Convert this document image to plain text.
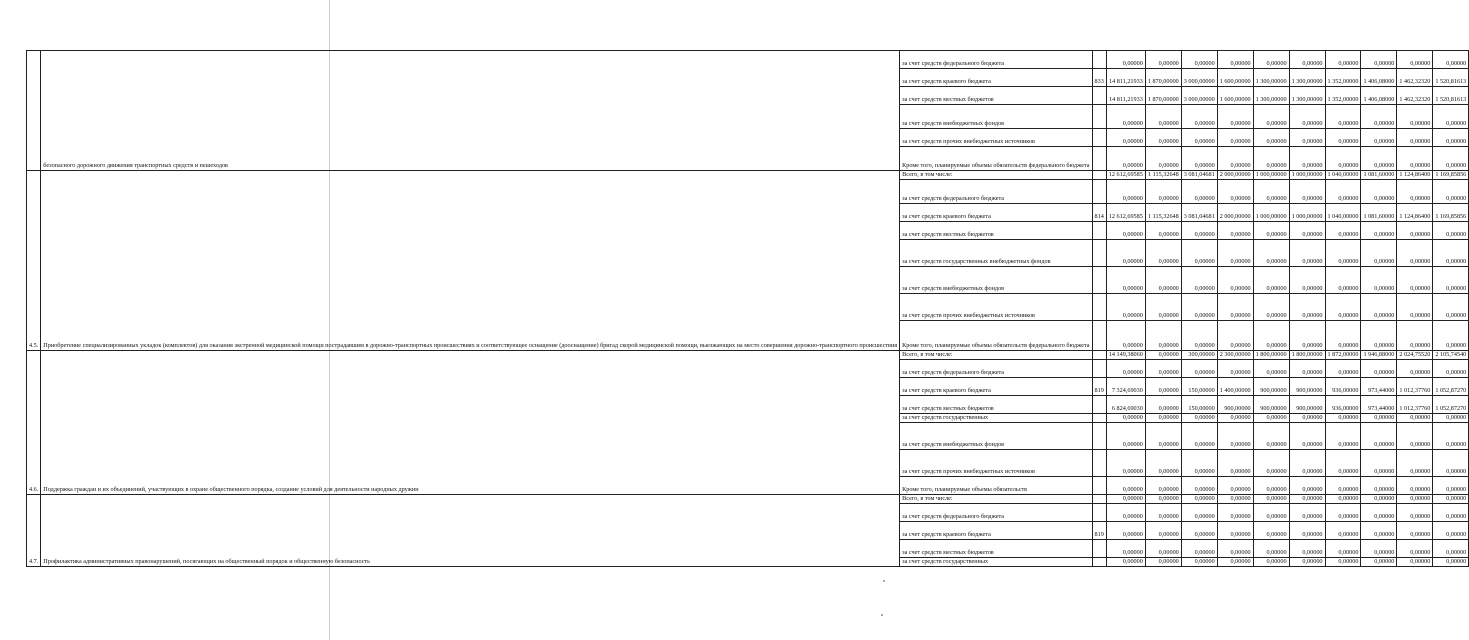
	безопасного дорожного движения транспортных средств и пешеходов	за счет средств федерального бюджета		0,00000	0,00000	0,00000	0,00000	0,00000	0,00000	0,00000	0,00000	0,00000	0,00000
		за счет средств краевого бюджета	833	14 811,21933	1 870,00000	3 000,00000	1 600,00000	1 300,00000	1 300,00000	1 352,00000	1 406,08000	1 462,32320	1 520,81613
		за счет средств местных бюджетов		14 811,21933	1 870,00000	3 000,00000	1 600,00000	1 300,00000	1 300,00000	1 352,00000	1 406,08000	1 462,32320	1 520,81613
		за счет средств внебюджетных фондов		0,00000	0,00000	0,00000	0,00000	0,00000	0,00000	0,00000	0,00000	0,00000	0,00000
		за счет средств прочих внебюджетных источников		0,00000	0,00000	0,00000	0,00000	0,00000	0,00000	0,00000	0,00000	0,00000	0,00000
		Кроме того, планируемые объемы обязательств федерального бюджета		0,00000	0,00000	0,00000	0,00000	0,00000	0,00000	0,00000	0,00000	0,00000	0,00000
4.5.	Приобретение специализированных укладок (комплектов) для оказания экстренной медицинской помощи пострадавшим в дорожно-транспортных происшествиях и соответствующее оснащение (дооснащение) бригад скорой медицинской помощи, выезжающих на место совершения дорожно-транспортного происшествия	Всего, в том числе:		12 612,69585	1 115,32648	3 081,04681	2 000,00000	1 000,00000	1 000,00000	1 040,00000	1 081,60000	1 124,86400	1 169,85856
		за счет средств федерального бюджета		0,00000	0,00000	0,00000	0,00000	0,00000	0,00000	0,00000	0,00000	0,00000	0,00000
		за счет средств краевого бюджета	814	12 612,69585	1 115,32648	3 081,04681	2 000,00000	1 000,00000	1 000,00000	1 040,00000	1 081,60000	1 124,86400	1 169,85856
		за счет средств местных бюджетов		0,00000	0,00000	0,00000	0,00000	0,00000	0,00000	0,00000	0,00000	0,00000	0,00000
		за счет средств государственных внебюджетных фондов		0,00000	0,00000	0,00000	0,00000	0,00000	0,00000	0,00000	0,00000	0,00000	0,00000
		за счет средств внебюджетных фондов		0,00000	0,00000	0,00000	0,00000	0,00000	0,00000	0,00000	0,00000	0,00000	0,00000
		за счет средств прочих внебюджетных источников		0,00000	0,00000	0,00000	0,00000	0,00000	0,00000	0,00000	0,00000	0,00000	0,00000
		Кроме того, планируемые объемы обязательств федерального бюджета		0,00000	0,00000	0,00000	0,00000	0,00000	0,00000	0,00000	0,00000	0,00000	0,00000
4.6.	Поддержка граждан и их объединений, участвующих в охране общественного порядка, создание условий для деятельности народных дружин	Всего, в том числе:		14 149,38060	0,00000	300,00000	2 300,00000	1 800,00000	1 800,00000	1 872,00000	1 946,88000	2 024,75520	2 105,74540
		за счет средств федерального бюджета		0,00000	0,00000	0,00000	0,00000	0,00000	0,00000	0,00000	0,00000	0,00000	0,00000
		за счет средств краевого бюджета	819	7 324,69030	0,00000	150,00000	1 400,00000	900,00000	900,00000	936,00000	973,44000	1 012,37760	1 052,87270
		за счет средств местных бюджетов		6 824,69030	0,00000	150,00000	900,00000	900,00000	900,00000	936,00000	973,44000	1 012,37760	1 052,87270
		за счет средств государственных		0,00000	0,00000	0,00000	0,00000	0,00000	0,00000	0,00000	0,00000	0,00000	0,00000
		за счет средств внебюджетных фондов		0,00000	0,00000	0,00000	0,00000	0,00000	0,00000	0,00000	0,00000	0,00000	0,00000
		за счет средств прочих внебюджетных источников		0,00000	0,00000	0,00000	0,00000	0,00000	0,00000	0,00000	0,00000	0,00000	0,00000
		Кроме того, планируемые объемы обязательств		0,00000	0,00000	0,00000	0,00000	0,00000	0,00000	0,00000	0,00000	0,00000	0,00000
4.7.	Профилактика административных правонарушений, посягающих на общественный порядок и общественную безопасность	Всего, в том числе:		0,00000	0,00000	0,00000	0,00000	0,00000	0,00000	0,00000	0,00000	0,00000	0,00000
		за счет средств федерального бюджета		0,00000	0,00000	0,00000	0,00000	0,00000	0,00000	0,00000	0,00000	0,00000	0,00000
		за счет средств краевого бюджета	819	0,00000	0,00000	0,00000	0,00000	0,00000	0,00000	0,00000	0,00000	0,00000	0,00000
		за счет средств местных бюджетов		0,00000	0,00000	0,00000	0,00000	0,00000	0,00000	0,00000	0,00000	0,00000	0,00000
		за счет средств государственных		0,00000	0,00000	0,00000	0,00000	0,00000	0,00000	0,00000	0,00000	0,00000	0,00000
